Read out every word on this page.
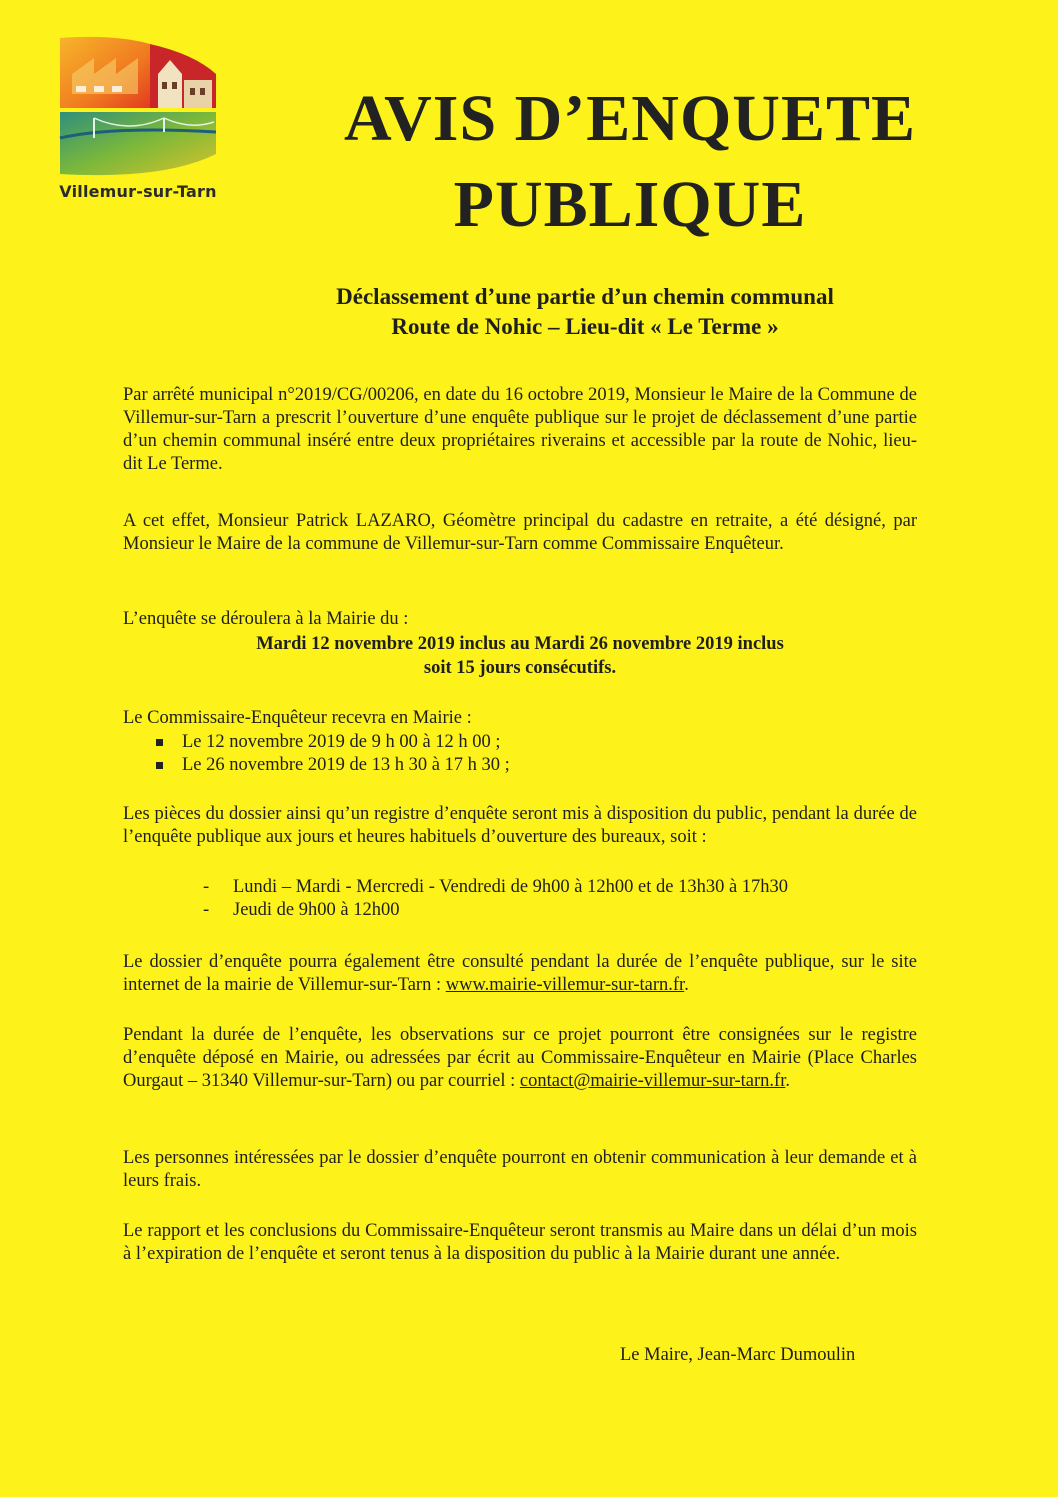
Villemur-sur-Tarn
AVIS D’ENQUETE
PUBLIQUE
Déclassement d’une partie d’un chemin communal
Route de Nohic – Lieu-dit « Le Terme »
Par arrêté municipal n°2019/CG/00206, en date du 16 octobre 2019, Monsieur le Maire de la Commune de Villemur-sur-Tarn a prescrit l’ouverture d’une enquête publique sur le projet de déclassement d’une partie d’un chemin communal inséré entre deux propriétaires riverains et accessible par la route de Nohic, lieu-dit Le Terme.
A cet effet, Monsieur Patrick LAZARO, Géomètre principal du cadastre en retraite, a été désigné, par Monsieur le Maire de la commune de Villemur-sur-Tarn comme Commissaire Enquêteur.
L’enquête se déroulera à la Mairie du :
Mardi 12 novembre 2019 inclus au Mardi 26 novembre 2019 inclus
soit 15 jours consécutifs.
Le Commissaire-Enquêteur recevra en Mairie :
Le 12 novembre 2019 de 9 h 00 à 12 h 00 ;
Le 26 novembre 2019 de 13 h 30 à 17 h 30 ;
Les pièces du dossier ainsi qu’un registre d’enquête seront mis à disposition du public, pendant la durée de l’enquête publique aux jours et heures habituels d’ouverture des bureaux, soit :
- Lundi – Mardi - Mercredi - Vendredi de 9h00 à 12h00 et de 13h30 à 17h30
- Jeudi de 9h00 à 12h00
Le dossier d’enquête pourra également être consulté pendant la durée de l’enquête publique, sur le site internet de la mairie de Villemur-sur-Tarn : www.mairie-villemur-sur-tarn.fr.
Pendant la durée de l’enquête, les observations sur ce projet pourront être consignées sur le registre d’enquête déposé en Mairie, ou adressées par écrit au Commissaire-Enquêteur en Mairie (Place Charles Ourgaut – 31340 Villemur-sur-Tarn) ou par courriel : contact@mairie-villemur-sur-tarn.fr.
Les personnes intéressées par le dossier d’enquête pourront en obtenir communication à leur demande et à leurs frais.
Le rapport et les conclusions du Commissaire-Enquêteur seront transmis au Maire dans un délai d’un mois à l’expiration de l’enquête et seront tenus à la disposition du public à la Mairie durant une année.
Le Maire, Jean-Marc Dumoulin
